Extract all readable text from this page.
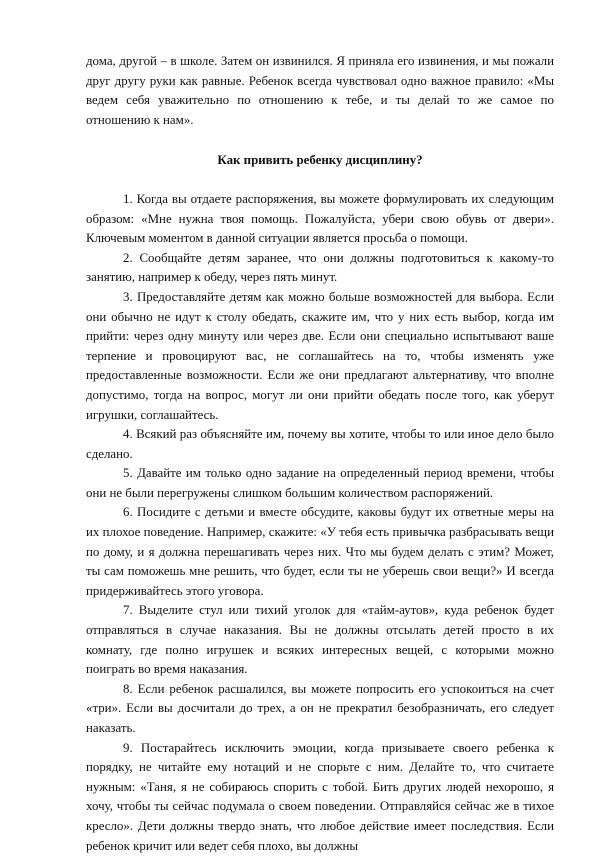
дома, другой – в школе. Затем он извинился. Я приняла его извинения, и мы пожали друг другу руки как равные. Ребенок всегда чувствовал одно важное правило: «Мы ведем себя уважительно по отношению к тебе, и ты делай то же самое по отношению к нам».

Как привить ребенку дисциплину?

1. Когда вы отдаете распоряжения, вы можете формулировать их следующим образом: «Мне нужна твоя помощь. Пожалуйста, убери свою обувь от двери». Ключевым моментом в данной ситуации является просьба о помощи.

2. Сообщайте детям заранее, что они должны подготовиться к какому-то занятию, например к обеду, через пять минут.

3. Предоставляйте детям как можно больше возможностей для выбора. Если они обычно не идут к столу обедать, скажите им, что у них есть выбор, когда им прийти: через одну минуту или через две. Если они специально испытывают ваше терпение и провоцируют вас, не соглашайтесь на то, чтобы изменять уже предоставленные возможности. Если же они предлагают альтернативу, что вполне допустимо, тогда на вопрос, могут ли они прийти обедать после того, как уберут игрушки, соглашайтесь.

4. Всякий раз объясняйте им, почему вы хотите, чтобы то или иное дело было сделано.

5. Давайте им только одно задание на определенный период времени, чтобы они не были перегружены слишком большим количеством распоряжений.

6. Посидите с детьми и вместе обсудите, каковы будут их ответные меры на их плохое поведение. Например, скажите: «У тебя есть привычка разбрасывать вещи по дому, и я должна перешагивать через них. Что мы будем делать с этим? Может, ты сам поможешь мне решить, что будет, если ты не уберешь свои вещи?» И всегда придерживайтесь этого уговора.

7. Выделите стул или тихий уголок для «тайм-аутов», куда ребенок будет отправляться в случае наказания. Вы не должны отсылать детей просто в их комнату, где полно игрушек и всяких интересных вещей, с которыми можно поиграть во время наказания.

8. Если ребенок расшалился, вы можете попросить его успокоиться на счет «три». Если вы досчитали до трех, а он не прекратил безобразничать, его следует наказать.

9. Постарайтесь исключить эмоции, когда призываете своего ребенка к порядку, не читайте ему нотаций и не спорьте с ним. Делайте то, что считаете нужным: «Таня, я не собираюсь спорить с тобой. Бить других людей нехорошо, я хочу, чтобы ты сейчас подумала о своем поведении. Отправляйся сейчас же в тихое кресло». Дети должны твердо знать, что любое действие имеет последствия. Если ребенок кричит или ведет себя плохо, вы должны
